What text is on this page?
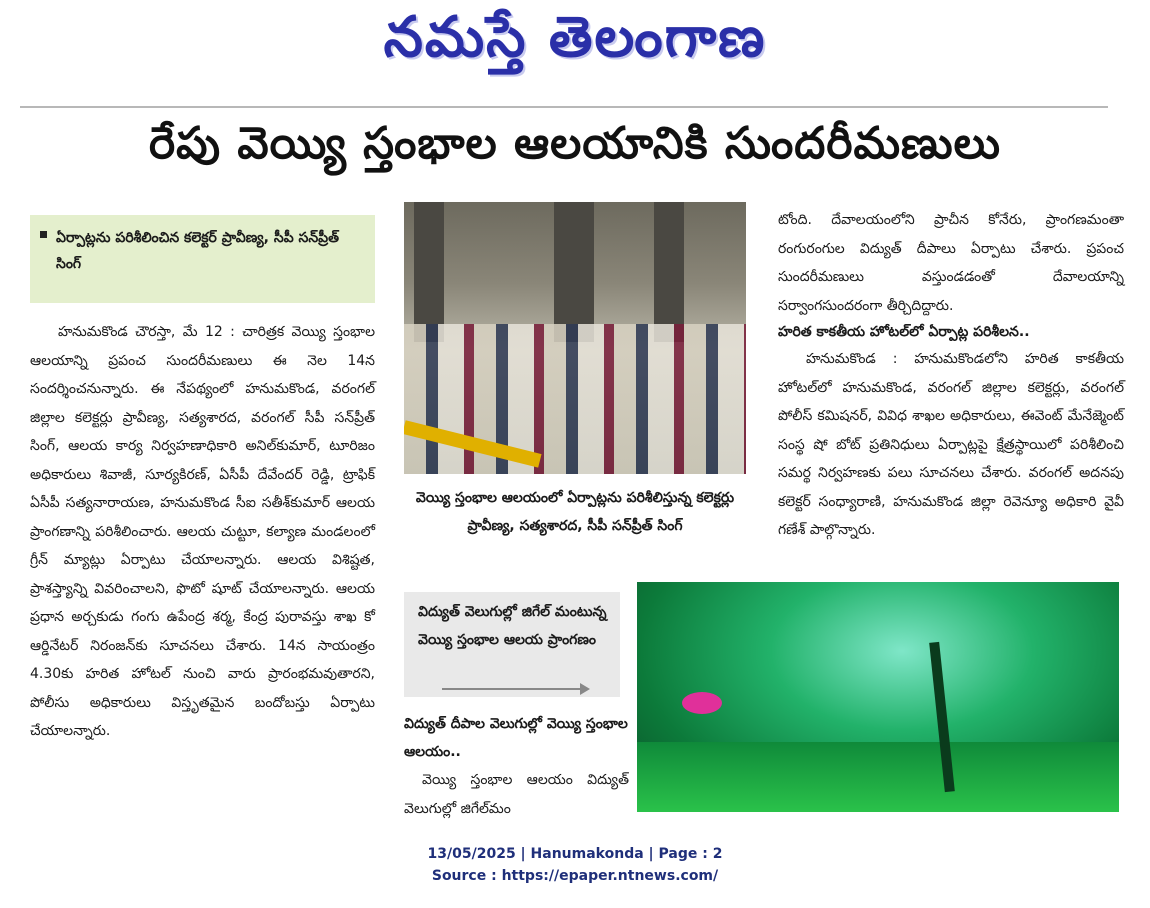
నమస్తే తెలంగాణ
రేపు వెయ్యి స్తంభాల ఆలయానికి సుందరీమణులు
ఏర్పాట్లను పరిశీలించిన కలెక్టర్ ప్రావీణ్య, సీపీ సన్‌ప్రీత్ సింగ్
హనుమకొండ చౌరస్తా, మే 12 : చారిత్రక వెయ్యి స్తంభాల ఆలయాన్ని ప్రపంచ సుందరీమణులు ఈ నెల 14న సందర్శించనున్నారు. ఈ నేపథ్యంలో హనుమకొండ, వరంగల్ జిల్లాల కలెక్టర్లు ప్రావీణ్య, సత్యశారద, వరంగల్ సీపీ సన్‌ప్రీత్ సింగ్, ఆలయ కార్య నిర్వహణాధికారి అనిల్‌కుమార్, టూరిజం అధికారులు శివాజీ, సూర్యకిరణ్, ఏసీపీ దేవేందర్ రెడ్డి, ట్రాఫిక్ ఏసీపీ సత్యనారాయణ, హనుమకొండ సీఐ సతీశ్‌కుమార్ ఆలయ ప్రాంగణాన్ని పరిశీలించారు. ఆలయ చుట్టూ, కల్యాణ మండలంలో గ్రీన్ మ్యాట్లు ఏర్పాటు చేయాలన్నారు. ఆలయ విశిష్టత, ప్రాశస్త్యాన్ని వివరించాలని, ఫొటో షూట్ చేయాలన్నారు. ఆలయ ప్రధాన అర్చకుడు గంగు ఉపేంద్ర శర్మ, కేంద్ర పురావస్తు శాఖ కో ఆర్డినేటర్ నిరంజన్‌కు సూచనలు చేశారు. 14న సాయంత్రం 4.30కు హరిత హోటల్ నుంచి వారు ప్రారంభమవుతారని, పోలీసు అధికారులు విస్తృతమైన బందోబస్తు ఏర్పాటు చేయాలన్నారు.
వెయ్యి స్తంభాల ఆలయంలో ఏర్పాట్లను పరిశీలిస్తున్న కలెక్టర్లు ప్రావీణ్య, సత్యశారద, సీపీ సన్‌ప్రీత్ సింగ్
టోంది. దేవాలయంలోని ప్రాచీన కోనేరు, ప్రాంగణమంతా రంగురంగుల విద్యుత్ దీపాలు ఏర్పాటు చేశారు. ప్రపంచ సుందరీమణులు వస్తుండడంతో దేవాలయాన్ని సర్వాంగసుందరంగా తీర్చిదిద్దారు.
హరిత కాకతీయ హోటల్‌లో ఏర్పాట్ల పరిశీలన..
హనుమకొండ : హనుమకొండలోని హరిత కాకతీయ హోటల్‌లో హనుమకొండ, వరంగల్ జిల్లాల కలెక్టర్లు, వరంగల్ పోలీస్ కమిషనర్, వివిధ శాఖల అధికారులు, ఈవెంట్ మేనేజ్మెంట్ సంస్థ షో బోట్ ప్రతినిధులు ఏర్పాట్లపై క్షేత్రస్థాయిలో పరిశీలించి సమర్థ నిర్వహణకు పలు సూచనలు చేశారు. వరంగల్ అదనపు కలెక్టర్ సంధ్యారాణి, హనుమకొండ జిల్లా రెవెన్యూ అధికారి వైవీ గణేశ్ పాల్గొన్నారు.
విద్యుత్ వెలుగుల్లో జిగేల్ మంటున్న వెయ్యి స్తంభాల ఆలయ ప్రాంగణం
విద్యుత్ దీపాల వెలుగుల్లో వెయ్యి స్తంభాల ఆలయం..
వెయ్యి స్తంభాల ఆలయం విద్యుత్ వెలుగుల్లో జిగేల్‌మం
13/05/2025 | Hanumakonda | Page : 2
Source : https://epaper.ntnews.com/
